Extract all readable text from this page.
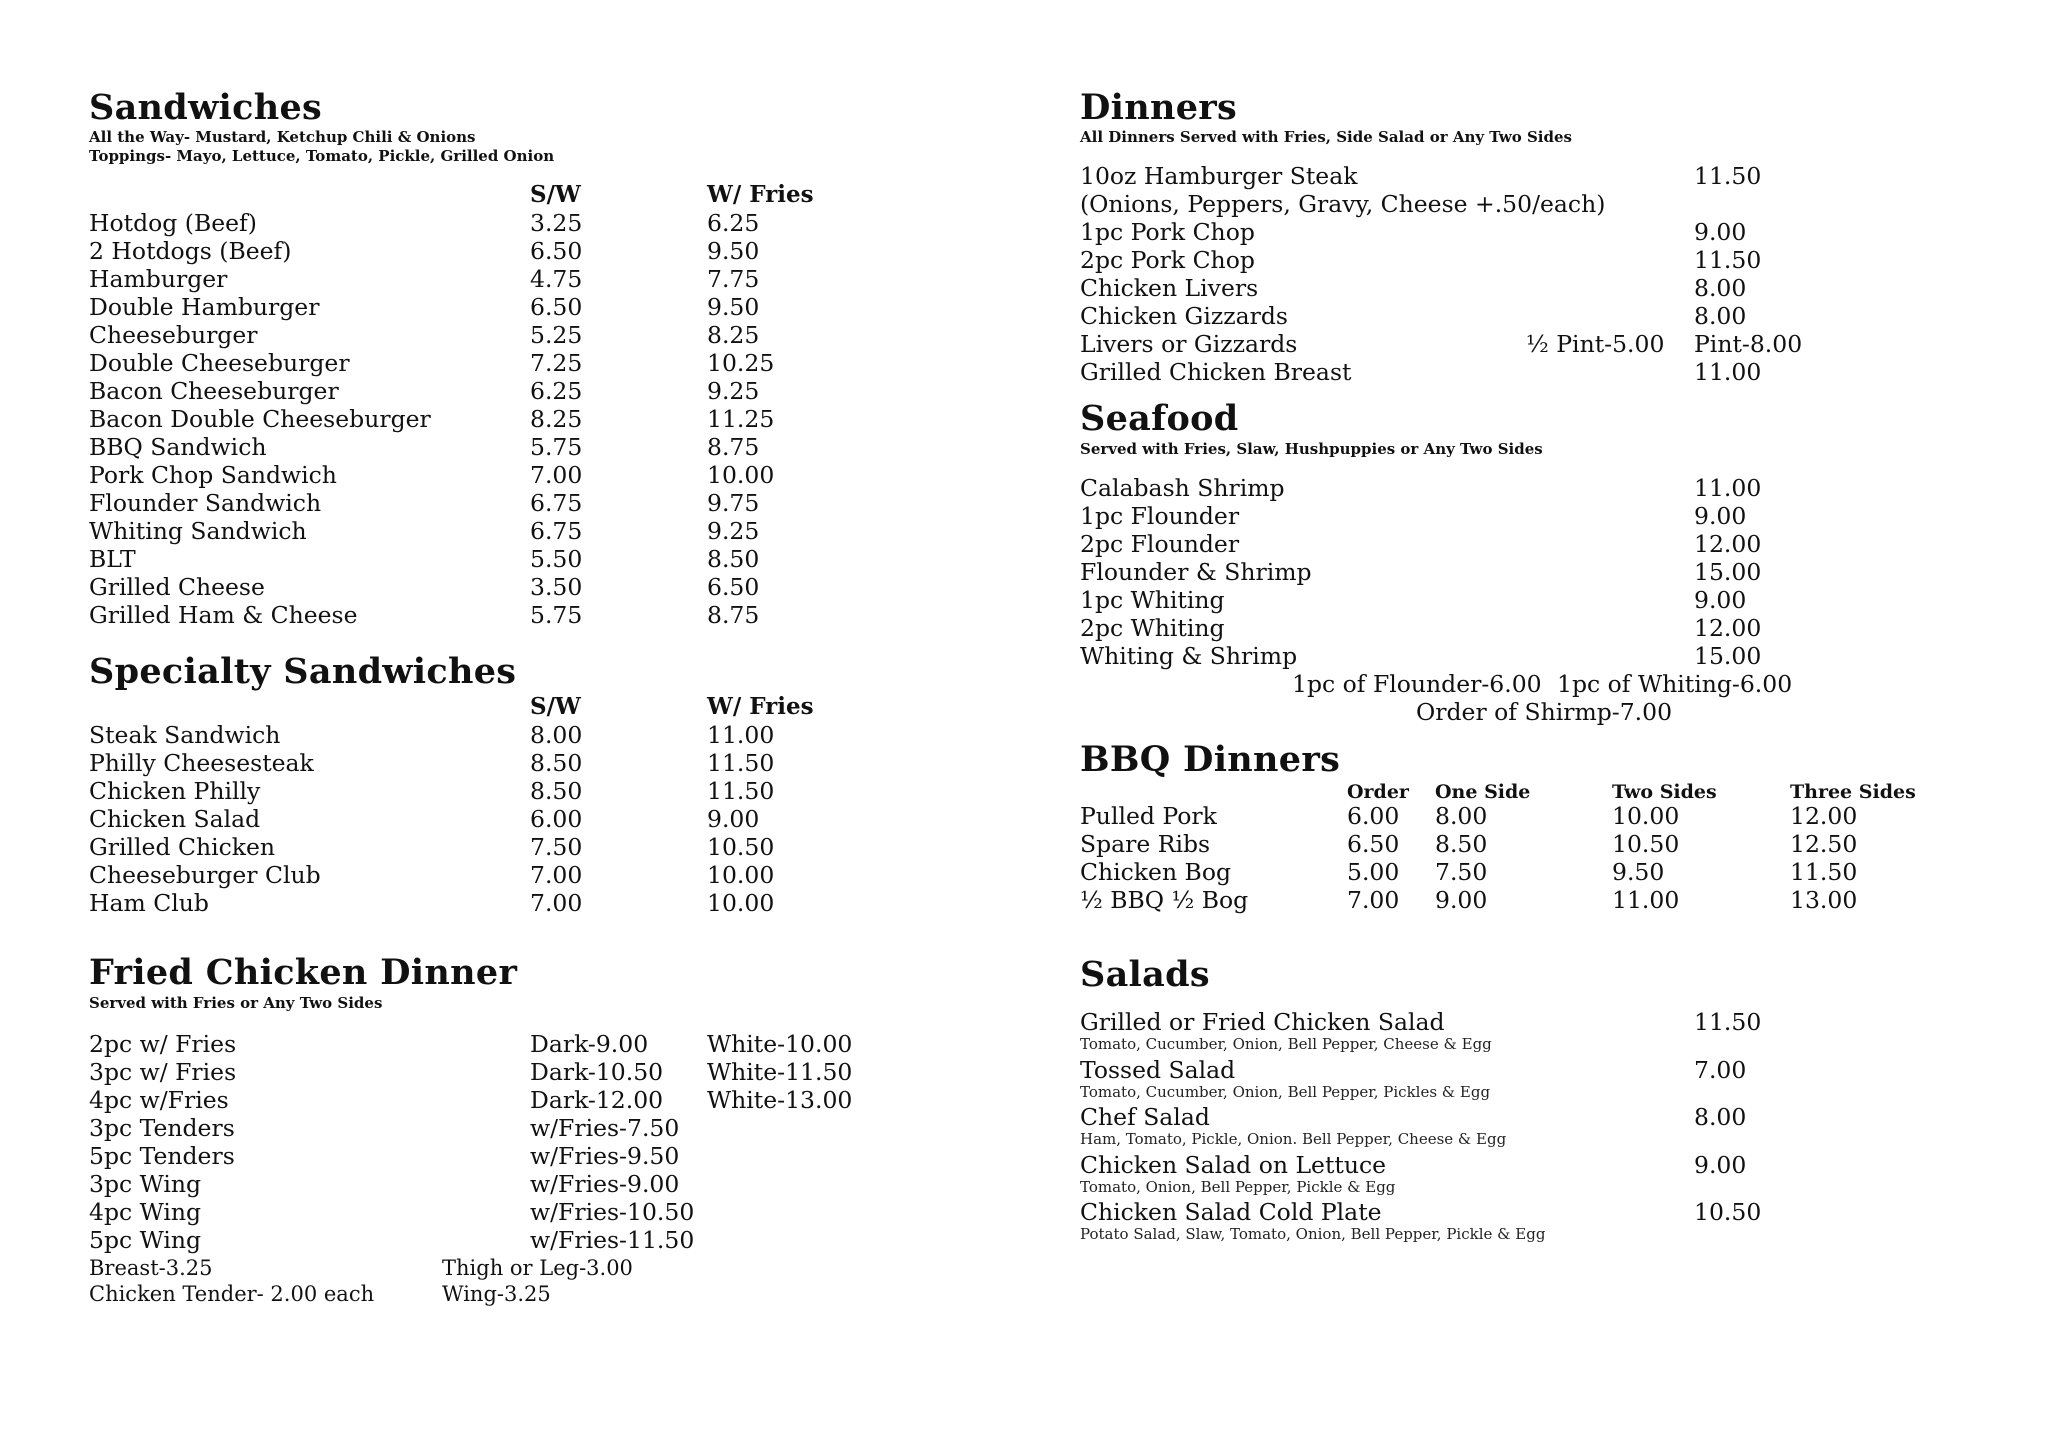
Sandwiches
All the Way- Mustard, Ketchup Chili & Onions
Toppings- Mayo, Lettuce, Tomato, Pickle, Grilled Onion
S/W	W/ Fries
Hotdog (Beef)	3.25	6.25
2 Hotdogs (Beef)	6.50	9.50
Hamburger	4.75	7.75
Double Hamburger	6.50	9.50
Cheeseburger	5.25	8.25
Double Cheeseburger	7.25	10.25
Bacon Cheeseburger	6.25	9.25
Bacon Double Cheeseburger	8.25	11.25
BBQ Sandwich	5.75	8.75
Pork Chop Sandwich	7.00	10.00
Flounder Sandwich	6.75	9.75
Whiting Sandwich	6.75	9.25
BLT	5.50	8.50
Grilled Cheese	3.50	6.50
Grilled Ham & Cheese	5.75	8.75
Specialty Sandwiches
S/W	W/ Fries
Steak Sandwich	8.00	11.00
Philly Cheesesteak	8.50	11.50
Chicken Philly	8.50	11.50
Chicken Salad	6.00	9.00
Grilled Chicken	7.50	10.50
Cheeseburger Club	7.00	10.00
Ham Club	7.00	10.00
Fried Chicken Dinner
Served with Fries or Any Two Sides
2pc w/ Fries	Dark-9.00	White-10.00
3pc w/ Fries	Dark-10.50 White-11.50
4pc w/Fries	Dark-12.00 White-13.00
3pc Tenders	w/Fries-7.50
5pc Tenders	w/Fries-9.50
3pc Wing	w/Fries-9.00
4pc Wing	w/Fries-10.50
5pc Wing	w/Fries-11.50
Breast-3.25	Thigh or Leg-3.00
Chicken Tender- 2.00 each	Wing-3.25
Dinners
All Dinners Served with Fries, Side Salad or Any Two Sides
10oz Hamburger Steak	11.50
(Onions, Peppers, Gravy, Cheese +.50/each)
1pc Pork Chop	9.00
2pc Pork Chop	11.50
Chicken Livers	8.00
Chicken Gizzards	8.00
Livers or Gizzards	½ Pint-5.00 Pint-8.00
Grilled Chicken Breast	11.00
Seafood
Served with Fries, Slaw, Hushpuppies or Any Two Sides
Calabash Shrimp	11.00
1pc Flounder	9.00
2pc Flounder	12.00
Flounder & Shrimp	15.00
1pc Whiting	9.00
2pc Whiting	12.00
Whiting & Shrimp	15.00
1pc of Flounder-6.00 1pc of Whiting-6.00
Order of Shirmp-7.00
BBQ Dinners
Order One Side	Two Sides	Three Sides
Pulled Pork	6.00 8.00	10.00	12.00
Spare Ribs	6.50 8.50	10.50	12.50
Chicken Bog	5.00 7.50	9.50	11.50
½ BBQ ½ Bog	7.00 9.00	11.00	13.00
Salads
Grilled or Fried Chicken Salad	11.50
Tomato, Cucumber, Onion, Bell Pepper, Cheese & Egg
Tossed Salad	7.00
Tomato, Cucumber, Onion, Bell Pepper, Pickles & Egg
Chef Salad	8.00
Ham, Tomato, Pickle, Onion. Bell Pepper, Cheese & Egg
Chicken Salad on Lettuce	9.00
Tomato, Onion, Bell Pepper, Pickle & Egg
Chicken Salad Cold Plate	10.50
Potato Salad, Slaw, Tomato, Onion, Bell Pepper, Pickle & Egg
